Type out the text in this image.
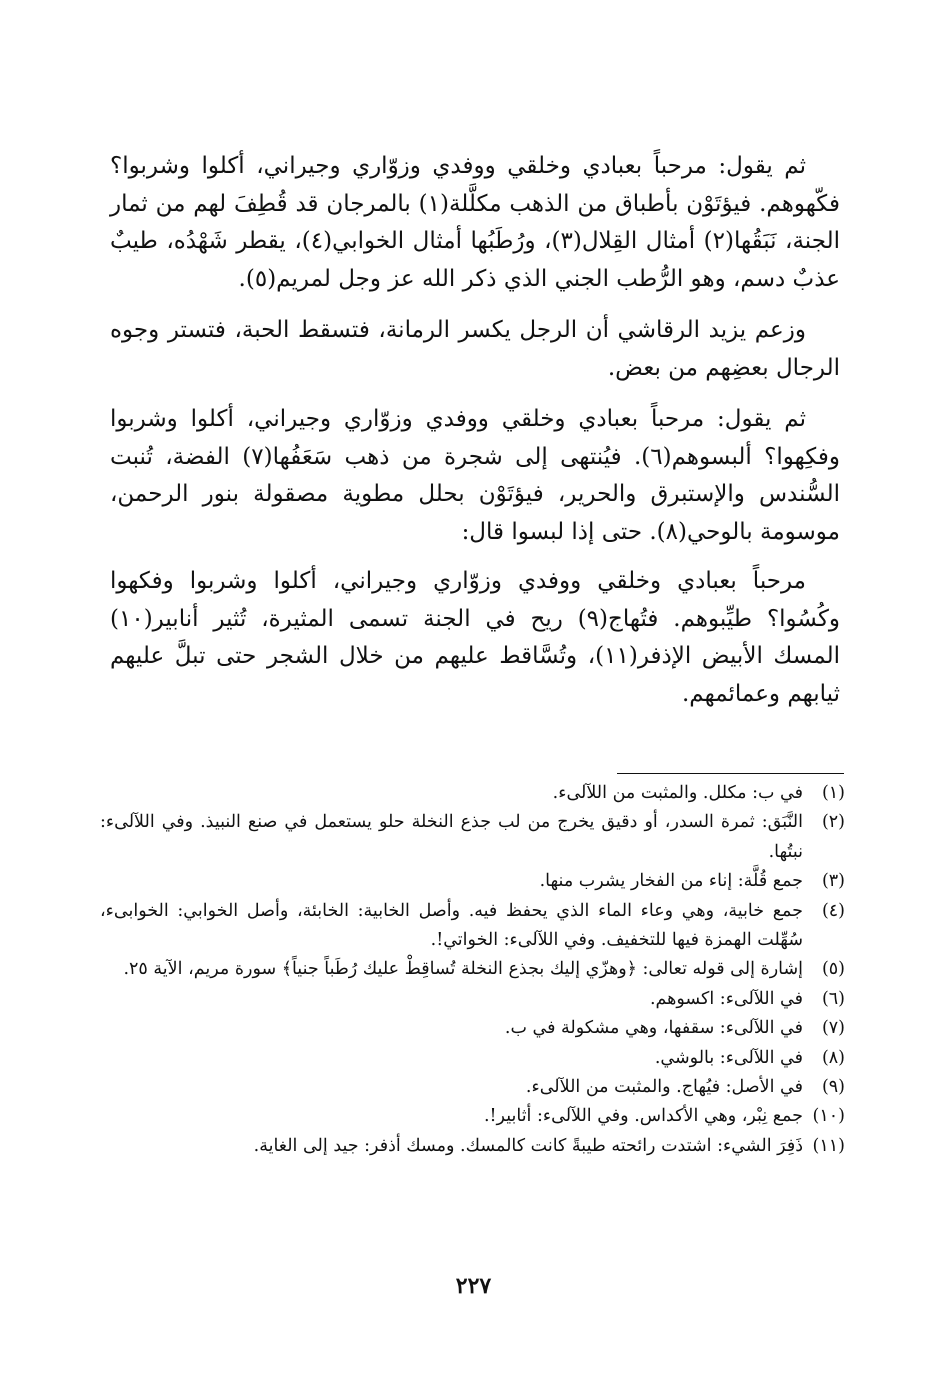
ثم يقول: مرحباً بعبادي وخلقي ووفدي وزوّاري وجيراني، أكلوا وشربوا؟ فكّهوهم. فيؤتَوْن بأطباق من الذهب مكلَّلة(١) بالمرجان قد قُطِفَ لهم من ثمار الجنة، نَبَقُها(٢) أمثال القِلال(٣)، ورُطَبُها أمثال الخوابي(٤)، يقطر شَهْدُه، طيبٌ عذبٌ دسم، وهو الرُّطب الجني الذي ذكر الله عز وجل لمريم(٥).

وزعم يزيد الرقاشي أن الرجل يكسر الرمانة، فتسقط الحبة، فتستر وجوه الرجال بعضِهم من بعض.

ثم يقول: مرحباً بعبادي وخلقي ووفدي وزوّاري وجيراني، أكلوا وشربوا وفكِهوا؟ ألبسوهم(٦). فيُنتهى إلى شجرة من ذهب سَعَفُها(٧) الفضة، تُنبت السُّندس والإستبرق والحرير، فيؤتَوْن بحلل مطوية مصقولة بنور الرحمن، موسومة بالوحي(٨). حتى إذا لبسوا قال:

مرحباً بعبادي وخلقي ووفدي وزوّاري وجيراني، أكلوا وشربوا وفكهوا وكُسُوا؟ طيِّبوهم. فتُهاج(٩) ريح في الجنة تسمى المثيرة، تُثير أنابير(١٠) المسك الأبيض الإذفر(١١)، وتُسَّاقط عليهم من خلال الشجر حتى تبلَّ عليهم ثيابهم وعمائمهم.

(١)
في ب: مكلل. والمثبت من اللآلىء.
(٢)
النَّبَق: ثمرة السدر، أو دقيق يخرج من لب جذع النخلة حلو يستعمل في صنع النبيذ. وفي اللآلىء: نبتُها.
(٣)
جمع قُلَّة: إناء من الفخار يشرب منها.
(٤)
جمع خابية، وهي وعاء الماء الذي يحفظ فيه. وأصل الخابية: الخابئة، وأصل الخوابي: الخوابىء، سُهِّلت الهمزة فيها للتخفيف. وفي اللآلىء: الخواتي!.
(٥)
إشارة إلى قوله تعالى: ﴿وهزّي إليك بجذع النخلة تُساقِطْ عليك رُطَباً جنياً﴾ سورة مريم، الآية ٢٥.
(٦)
في اللآلىء: اكسوهم.
(٧)
في اللآلىء: سقفها، وهي مشكولة في ب.
(٨)
في اللآلىء: بالوشي.
(٩)
في الأصل: فيُهاج. والمثبت من اللآلىء.
(١٠)
جمع نِبْر، وهي الأكداس. وفي اللآلىء: أثابير!.
(١١)
ذَفِرَ الشيء: اشتدت رائحته طيبةً كانت كالمسك. ومسك أذفر: جيد إلى الغاية.
٢٢٧
